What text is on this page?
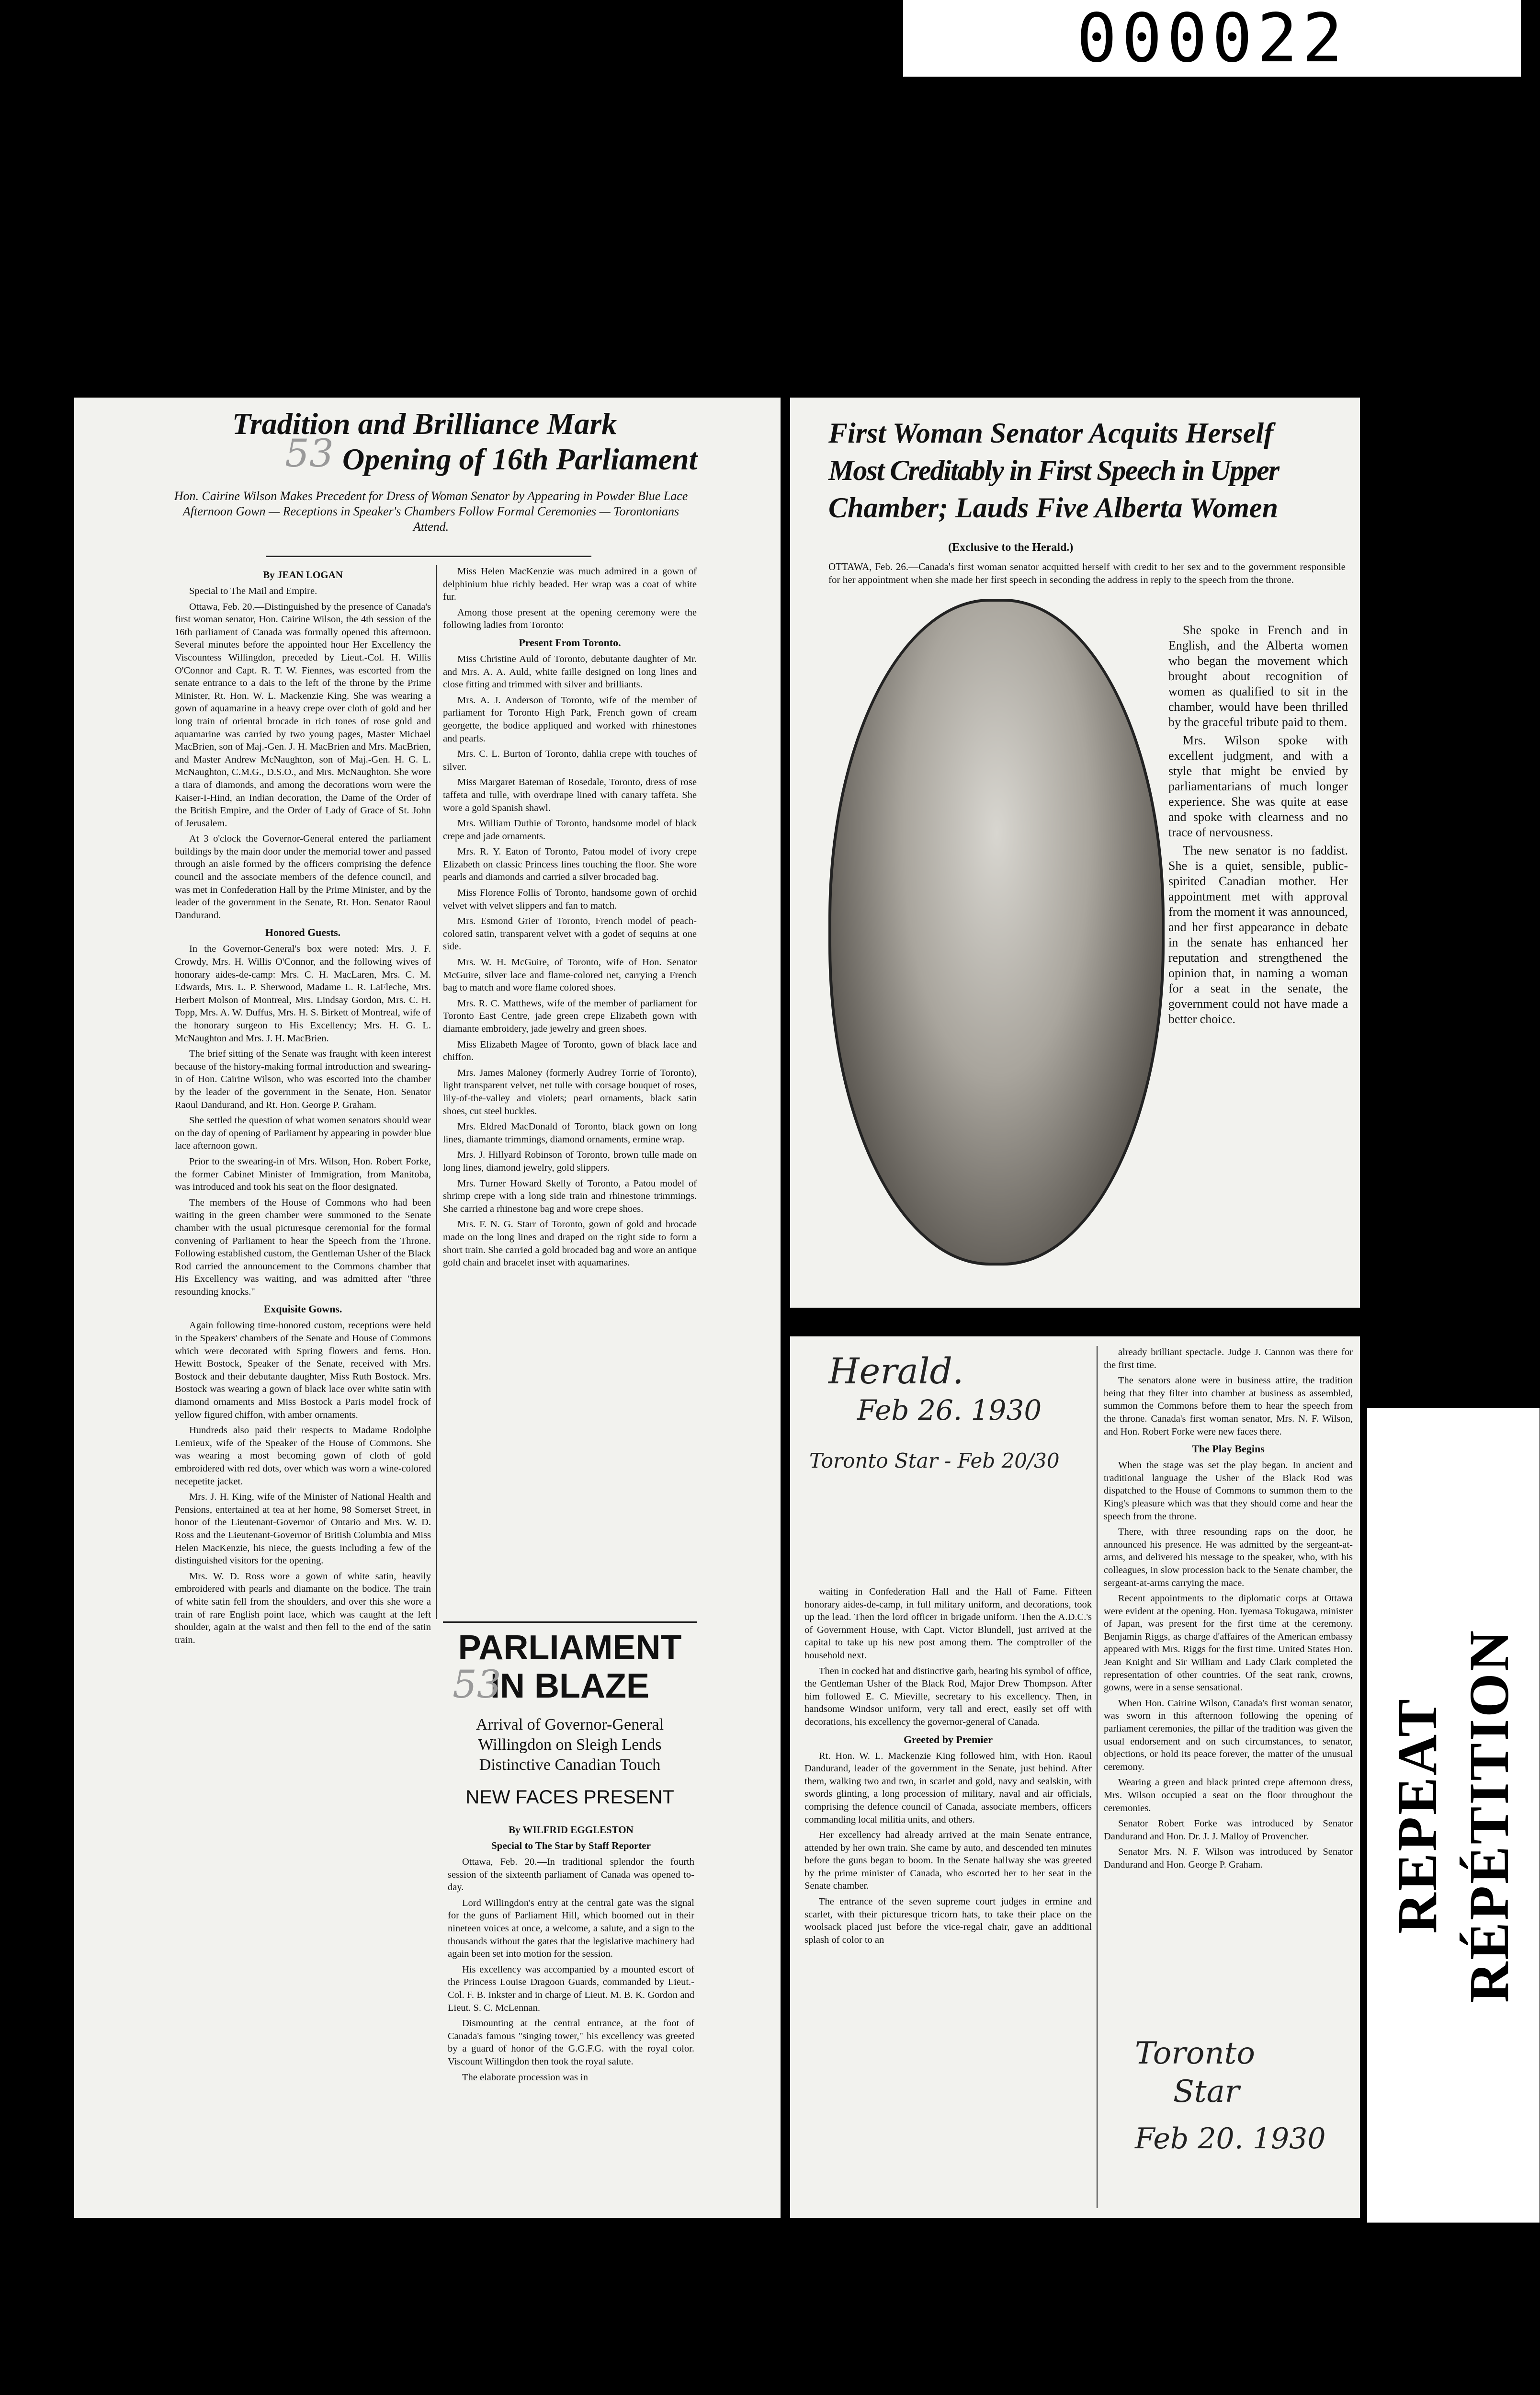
000022
Tradition and Brilliance Mark
Opening of 16th Parliament
53
Hon. Cairine Wilson Makes Precedent for Dress of Woman Senator by Appearing in Powder Blue Lace Afternoon Gown — Receptions in Speaker's Chambers Follow Formal Ceremonies — Torontonians Attend.
By JEAN LOGAN

Special to The Mail and Empire.

Ottawa, Feb. 20.—Distinguished by the presence of Canada's first woman senator, Hon. Cairine Wilson, the 4th session of the 16th parliament of Canada was formally opened this afternoon. Several minutes before the appointed hour Her Excellency the Viscountess Willingdon, preceded by Lieut.-Col. H. Willis O'Connor and Capt. R. T. W. Fiennes, was escorted from the senate entrance to a dais to the left of the throne by the Prime Minister, Rt. Hon. W. L. Mackenzie King. She was wearing a gown of aquamarine in a heavy crepe over cloth of gold and her long train of oriental brocade in rich tones of rose gold and aquamarine was carried by two young pages, Master Michael MacBrien, son of Maj.-Gen. J. H. MacBrien and Mrs. MacBrien, and Master Andrew McNaughton, son of Maj.-Gen. H. G. L. McNaughton, C.M.G., D.S.O., and Mrs. McNaughton. She wore a tiara of diamonds, and among the decorations worn were the Kaiser-I-Hind, an Indian decoration, the Dame of the Order of the British Empire, and the Order of Lady of Grace of St. John of Jerusalem.

At 3 o'clock the Governor-General entered the parliament buildings by the main door under the memorial tower and passed through an aisle formed by the officers comprising the defence council and the associate members of the defence council, and was met in Confederation Hall by the Prime Minister, and by the leader of the government in the Senate, Rt. Hon. Senator Raoul Dandurand.

Honored Guests.

In the Governor-General's box were noted: Mrs. J. F. Crowdy, Mrs. H. Willis O'Connor, and the following wives of honorary aides-de-camp: Mrs. C. H. MacLaren, Mrs. C. M. Edwards, Mrs. L. P. Sherwood, Madame L. R. LaFleche, Mrs. Herbert Molson of Montreal, Mrs. Lindsay Gordon, Mrs. C. H. Topp, Mrs. A. W. Duffus, Mrs. H. S. Birkett of Montreal, wife of the honorary surgeon to His Excellency; Mrs. H. G. L. McNaughton and Mrs. J. H. MacBrien.

The brief sitting of the Senate was fraught with keen interest because of the history-making formal introduction and swearing-in of Hon. Cairine Wilson, who was escorted into the chamber by the leader of the government in the Senate, Hon. Senator Raoul Dandurand, and Rt. Hon. George P. Graham.

She settled the question of what women senators should wear on the day of opening of Parliament by appearing in powder blue lace afternoon gown.

Prior to the swearing-in of Mrs. Wilson, Hon. Robert Forke, the former Cabinet Minister of Immigration, from Manitoba, was introduced and took his seat on the floor designated.

The members of the House of Commons who had been waiting in the green chamber were summoned to the Senate chamber with the usual picturesque ceremonial for the formal convening of Parliament to hear the Speech from the Throne. Following established custom, the Gentleman Usher of the Black Rod carried the announcement to the Commons chamber that His Excellency was waiting, and was admitted after "three resounding knocks."

Exquisite Gowns.

Again following time-honored custom, receptions were held in the Speakers' chambers of the Senate and House of Commons which were decorated with Spring flowers and ferns. Hon. Hewitt Bostock, Speaker of the Senate, received with Mrs. Bostock and their debutante daughter, Miss Ruth Bostock. Mrs. Bostock was wearing a gown of black lace over white satin with diamond ornaments and Miss Bostock a Paris model frock of yellow figured chiffon, with amber ornaments.

Hundreds also paid their respects to Madame Rodolphe Lemieux, wife of the Speaker of the House of Commons. She was wearing a most becoming gown of cloth of gold embroidered with red dots, over which was worn a wine-colored necepetite jacket.

Mrs. J. H. King, wife of the Minister of National Health and Pensions, entertained at tea at her home, 98 Somerset Street, in honor of the Lieutenant-Governor of Ontario and Mrs. W. D. Ross and the Lieutenant-Governor of British Columbia and Miss Helen MacKenzie, his niece, the guests including a few of the distinguished visitors for the opening.

Mrs. W. D. Ross wore a gown of white satin, heavily embroidered with pearls and diamante on the bodice. The train of white satin fell from the shoulders, and over this she wore a train of rare English point lace, which was caught at the left shoulder, again at the waist and then fell to the end of the satin train.

Miss Helen MacKenzie was much admired in a gown of delphinium blue richly beaded. Her wrap was a coat of white fur.

Among those present at the opening ceremony were the following ladies from Toronto:

Present From Toronto.

Miss Christine Auld of Toronto, debutante daughter of Mr. and Mrs. A. A. Auld, white faille designed on long lines and close fitting and trimmed with silver and brilliants.

Mrs. A. J. Anderson of Toronto, wife of the member of parliament for Toronto High Park, French gown of cream georgette, the bodice appliqued and worked with rhinestones and pearls.

Mrs. C. L. Burton of Toronto, dahlia crepe with touches of silver.

Miss Margaret Bateman of Rosedale, Toronto, dress of rose taffeta and tulle, with overdrape lined with canary taffeta. She wore a gold Spanish shawl.

Mrs. William Duthie of Toronto, handsome model of black crepe and jade ornaments.

Mrs. R. Y. Eaton of Toronto, Patou model of ivory crepe Elizabeth on classic Princess lines touching the floor. She wore pearls and diamonds and carried a silver brocaded bag.

Miss Florence Follis of Toronto, handsome gown of orchid velvet with velvet slippers and fan to match.

Mrs. Esmond Grier of Toronto, French model of peach-colored satin, transparent velvet with a godet of sequins at one side.

Mrs. W. H. McGuire, of Toronto, wife of Hon. Senator McGuire, silver lace and flame-colored net, carrying a French bag to match and wore flame colored shoes.

Mrs. R. C. Matthews, wife of the member of parliament for Toronto East Centre, jade green crepe Elizabeth gown with diamante embroidery, jade jewelry and green shoes.

Miss Elizabeth Magee of Toronto, gown of black lace and chiffon.

Mrs. James Maloney (formerly Audrey Torrie of Toronto), light transparent velvet, net tulle with corsage bouquet of roses, lily-of-the-valley and violets; pearl ornaments, black satin shoes, cut steel buckles.

Mrs. Eldred MacDonald of Toronto, black gown on long lines, diamante trimmings, diamond ornaments, ermine wrap.

Mrs. J. Hillyard Robinson of Toronto, brown tulle made on long lines, diamond jewelry, gold slippers.

Mrs. Turner Howard Skelly of Toronto, a Patou model of shrimp crepe with a long side train and rhinestone trimmings. She carried a rhinestone bag and wore crepe shoes.

Mrs. F. N. G. Starr of Toronto, gown of gold and brocade made on the long lines and draped on the right side to form a short train. She carried a gold brocaded bag and wore an antique gold chain and bracelet inset with aquamarines.

PARLIAMENT IN BLAZE
53
Arrival of Governor-General Willingdon on Sleigh Lends Distinctive Canadian Touch
NEW FACES PRESENT
By WILFRID EGGLESTON
Special to The Star by Staff Reporter

Ottawa, Feb. 20.—In traditional splendor the fourth session of the sixteenth parliament of Canada was opened to-day.

Lord Willingdon's entry at the central gate was the signal for the guns of Parliament Hill, which boomed out in their nineteen voices at once, a welcome, a salute, and a sign to the thousands without the gates that the legislative machinery had again been set into motion for the session.

His excellency was accompanied by a mounted escort of the Princess Louise Dragoon Guards, commanded by Lieut.-Col. F. B. Inkster and in charge of Lieut. M. B. K. Gordon and Lieut. S. C. McLennan.

Dismounting at the central entrance, at the foot of Canada's famous "singing tower," his excellency was greeted by a guard of honor of the G.G.F.G. with the royal color. Viscount Willingdon then took the royal salute.

The elaborate procession was in

First Woman Senator Acquits Herself
Most Creditably in First Speech in Upper
Chamber; Lauds Five Alberta Women
(Exclusive to the Herald.)

OTTAWA, Feb. 26.—Canada's first woman senator acquitted herself with credit to her sex and to the government responsible for her appointment when she made her first speech in seconding the address in reply to the speech from the throne.

She spoke in French and in English, and the Alberta women who began the movement which brought about recognition of women as qualified to sit in the chamber, would have been thrilled by the graceful tribute paid to them.

Mrs. Wilson spoke with excellent judgment, and with a style that might be envied by parliamentarians of much longer experience. She was quite at ease and spoke with clearness and no trace of nervousness.

The new senator is no faddist. She is a quiet, sensible, public-spirited Canadian mother. Her appointment met with approval from the moment it was announced, and her first appearance in debate in the senate has enhanced her reputation and strengthened the opinion that, in naming a woman for a seat in the senate, the government could not have made a better choice.

Herald.
Feb 26. 1930
Toronto Star - Feb 20/30

waiting in Confederation Hall and the Hall of Fame. Fifteen honorary aides-de-camp, in full military uniform, and decorations, took up the lead. Then the lord officer in brigade uniform. Then the A.D.C.'s of Government House, with Capt. Victor Blundell, just arrived at the capital to take up his new post among them. The comptroller of the household next.

Then in cocked hat and distinctive garb, bearing his symbol of office, the Gentleman Usher of the Black Rod, Major Drew Thompson. After him followed E. C. Mieville, secretary to his excellency. Then, in handsome Windsor uniform, very tall and erect, easily set off with decorations, his excellency the governor-general of Canada.

Greeted by Premier

Rt. Hon. W. L. Mackenzie King followed him, with Hon. Raoul Dandurand, leader of the government in the Senate, just behind. After them, walking two and two, in scarlet and gold, navy and sealskin, with swords glinting, a long procession of military, naval and air officials, comprising the defence council of Canada, associate members, officers commanding local militia units, and others.

Her excellency had already arrived at the main Senate entrance, attended by her own train. She came by auto, and descended ten minutes before the guns began to boom. In the Senate hallway she was greeted by the prime minister of Canada, who escorted her to her seat in the Senate chamber.

The entrance of the seven supreme court judges in ermine and scarlet, with their picturesque tricorn hats, to take their place on the woolsack placed just before the vice-regal chair, gave an additional splash of color to an

already brilliant spectacle. Judge J. Cannon was there for the first time.

The senators alone were in business attire, the tradition being that they filter into chamber at business as assembled, summon the Commons before them to hear the speech from the throne. Canada's first woman senator, Mrs. N. F. Wilson, and Hon. Robert Forke were new faces there.

The Play Begins

When the stage was set the play began. In ancient and traditional language the Usher of the Black Rod was dispatched to the House of Commons to summon them to the King's pleasure which was that they should come and hear the speech from the throne.

There, with three resounding raps on the door, he announced his presence. He was admitted by the sergeant-at-arms, and delivered his message to the speaker, who, with his colleagues, in slow procession back to the Senate chamber, the sergeant-at-arms carrying the mace.

Recent appointments to the diplomatic corps at Ottawa were evident at the opening. Hon. Iyemasa Tokugawa, minister of Japan, was present for the first time at the ceremony. Benjamin Riggs, as charge d'affaires of the American embassy appeared with Mrs. Riggs for the first time. United States Hon. Jean Knight and Sir William and Lady Clark completed the representation of other countries. Of the seat rank, crowns, gowns, were in a sense sensational.

When Hon. Cairine Wilson, Canada's first woman senator, was sworn in this afternoon following the opening of parliament ceremonies, the pillar of the tradition was given the usual endorsement and on such circumstances, to senator, objections, or hold its peace forever, the matter of the unusual ceremony.

Wearing a green and black printed crepe afternoon dress, Mrs. Wilson occupied a seat on the floor throughout the ceremonies.

Senator Robert Forke was introduced by Senator Dandurand and Hon. Dr. J. J. Malloy of Provencher.

Senator Mrs. N. F. Wilson was introduced by Senator Dandurand and Hon. George P. Graham.

Toronto
Star
Feb 20. 1930
REPEAT RÉPÉTITION
